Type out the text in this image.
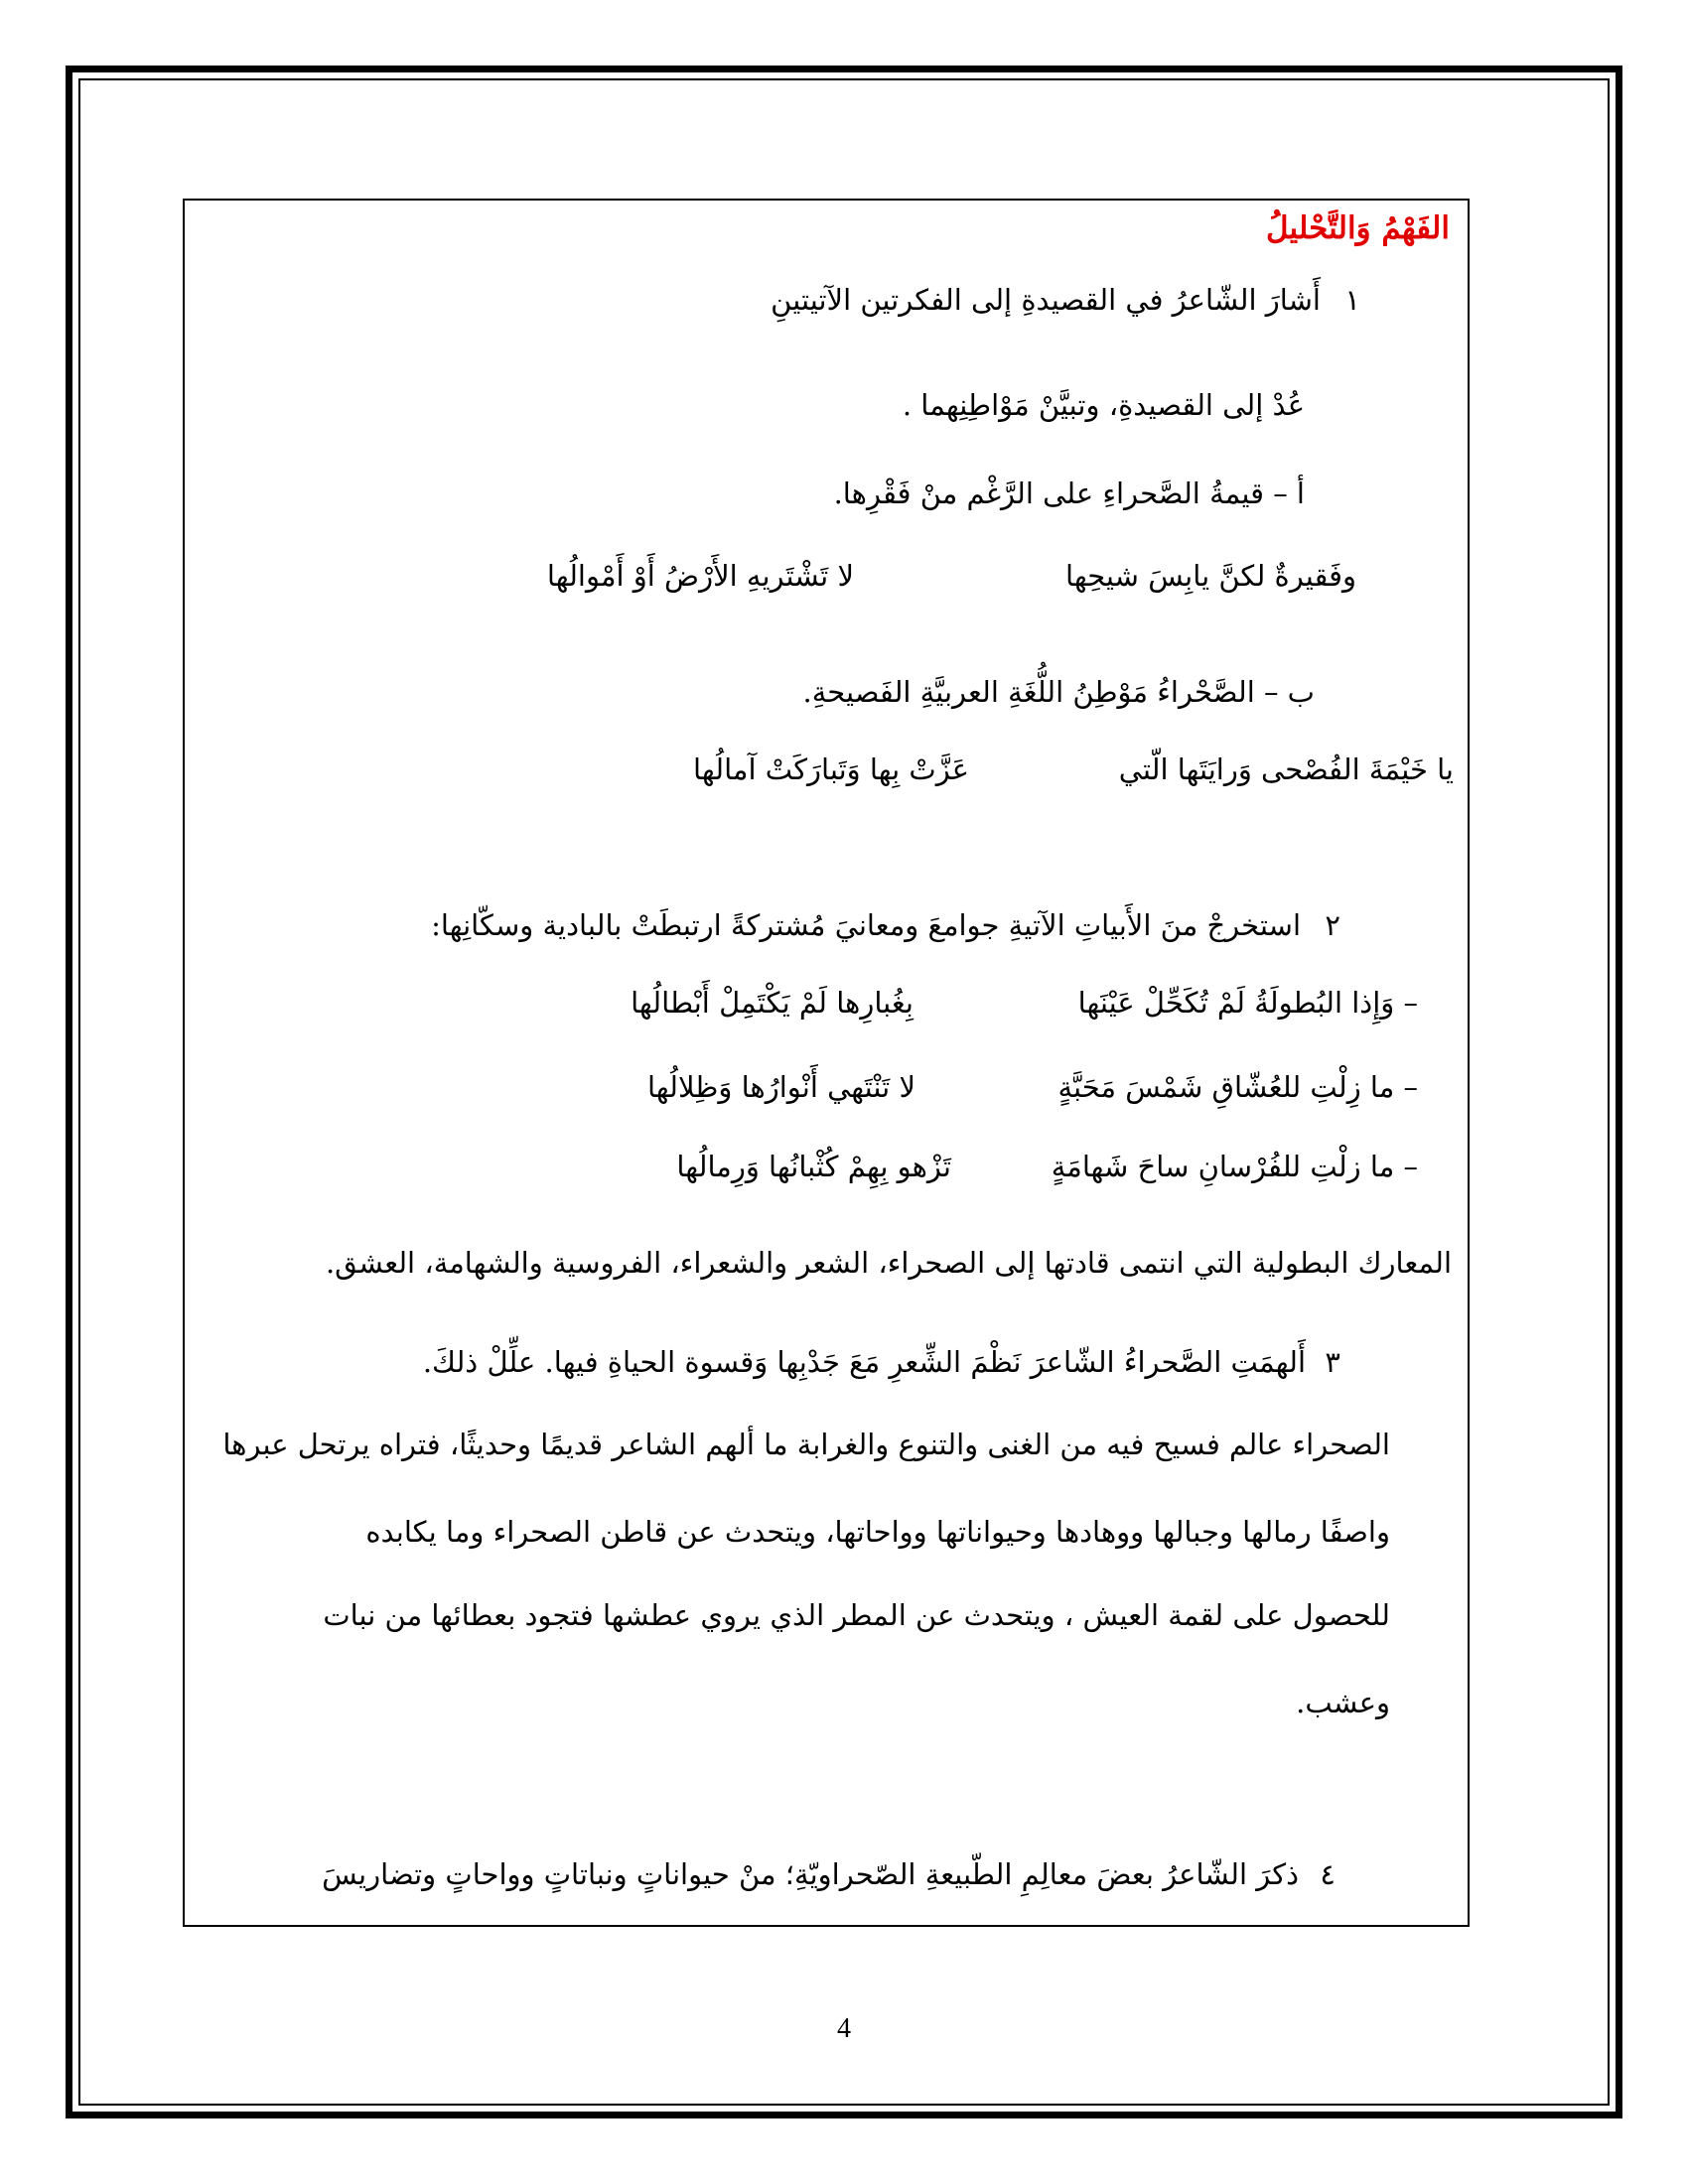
الفَهْمُ وَالتَّحْليلُ
١
أَشارَ الشّاعرُ في القصيدةِ إلى الفكرتين الآتيتينِ
عُدْ إلى القصيدةِ، وتبيَّنْ مَوْاطِنِهما .
أ – قيمةُ الصَّحراءِ على الرَّغْم منْ فَقْرِها.
وفَقيرةٌ لكنَّ يابِسَ شيحِها
لا تَشْتَريهِ الأَرْضُ أَوْ أَمْوالُها
ب – الصَّحْراءُ مَوْطِنُ اللُّغَةِ العربيَّةِ الفَصيحةِ.
يا خَيْمَةَ الفُصْحى وَرايَتَها الّتي
عَزَّتْ بِها وَتَبارَكَتْ آمالُها
٢
استخرجْ منَ الأَبياتِ الآتيةِ جوامعَ ومعانيَ مُشتركةً ارتبطَتْ بالبادية وسكّانِها:
– وَإِذا البُطولَةُ لَمْ تُكَحِّلْ عَيْنَها
بِغُبارِها لَمْ يَكْتَمِلْ أَبْطالُها
– ما زِلْتِ للعُشّاقِ شَمْسَ مَحَبَّةٍ
لا تَنْتَهي أَنْوارُها وَظِلالُها
– ما زلْتِ للفُرْسانِ ساحَ شَهامَةٍ
تَزْهو بِهِمْ كُثْبانُها وَرِمالُها
المعارك البطولية التي انتمى قادتها إلى الصحراء، الشعر والشعراء، الفروسية والشهامة، العشق.
٣
أَلهمَتِ الصَّحراءُ الشّاعرَ نَظْمَ الشِّعرِ مَعَ جَدْبِها وَقسوة الحياةِ فيها. علِّلْ ذلكَ.
الصحراء عالم فسيح فيه من الغنى والتنوع والغرابة ما ألهم الشاعر قديمًا وحديثًا، فتراه يرتحل عبرها
واصفًا رمالها وجبالها ووهادها وحيواناتها وواحاتها، ويتحدث عن قاطن الصحراء وما يكابده
للحصول على لقمة العيش ، ويتحدث عن المطر الذي يروي عطشها فتجود بعطائها من نبات
وعشب.
٤
ذكرَ الشّاعرُ بعضَ معالِمِ الطّبيعةِ الصّحراويّةِ؛ منْ حيواناتٍ ونباتاتٍ وواحاتٍ وتضاريسَ
4
